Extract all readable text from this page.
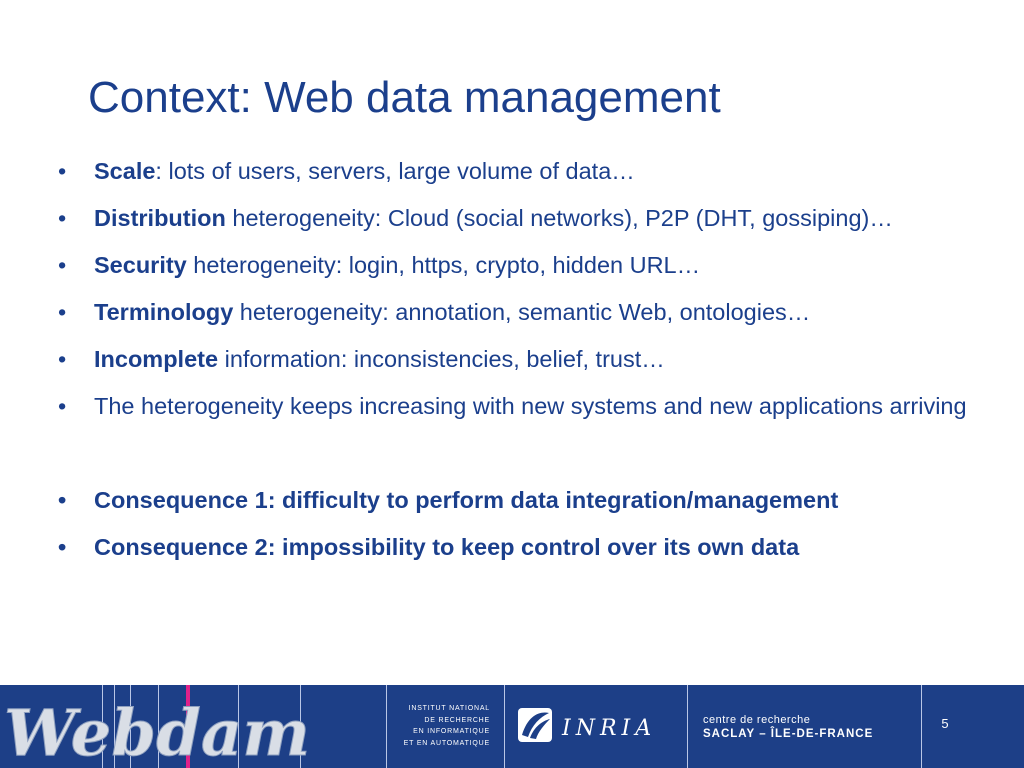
Context: Web data management
•	Scale: lots of users, servers, large volume of data…
•	Distribution heterogeneity: Cloud (social networks), P2P (DHT, gossiping)…
•	Security heterogeneity: login, https, crypto, hidden URL…
•	Terminology heterogeneity: annotation, semantic Web, ontologies…
•	Incomplete information: inconsistencies, belief, trust…
•	The heterogeneity keeps increasing with new systems and new applications arriving
•	Consequence 1: difficulty to perform data integration/management
•	Consequence 2: impossibility to keep control over its own data
Webdam	INSTITUT NATIONAL
DE RECHERCHE
EN INFORMATIQUE
ET EN AUTOMATIQUE
INRIA	centre de recherche
SACLAY – ÎLE-DE-FRANCE
5
